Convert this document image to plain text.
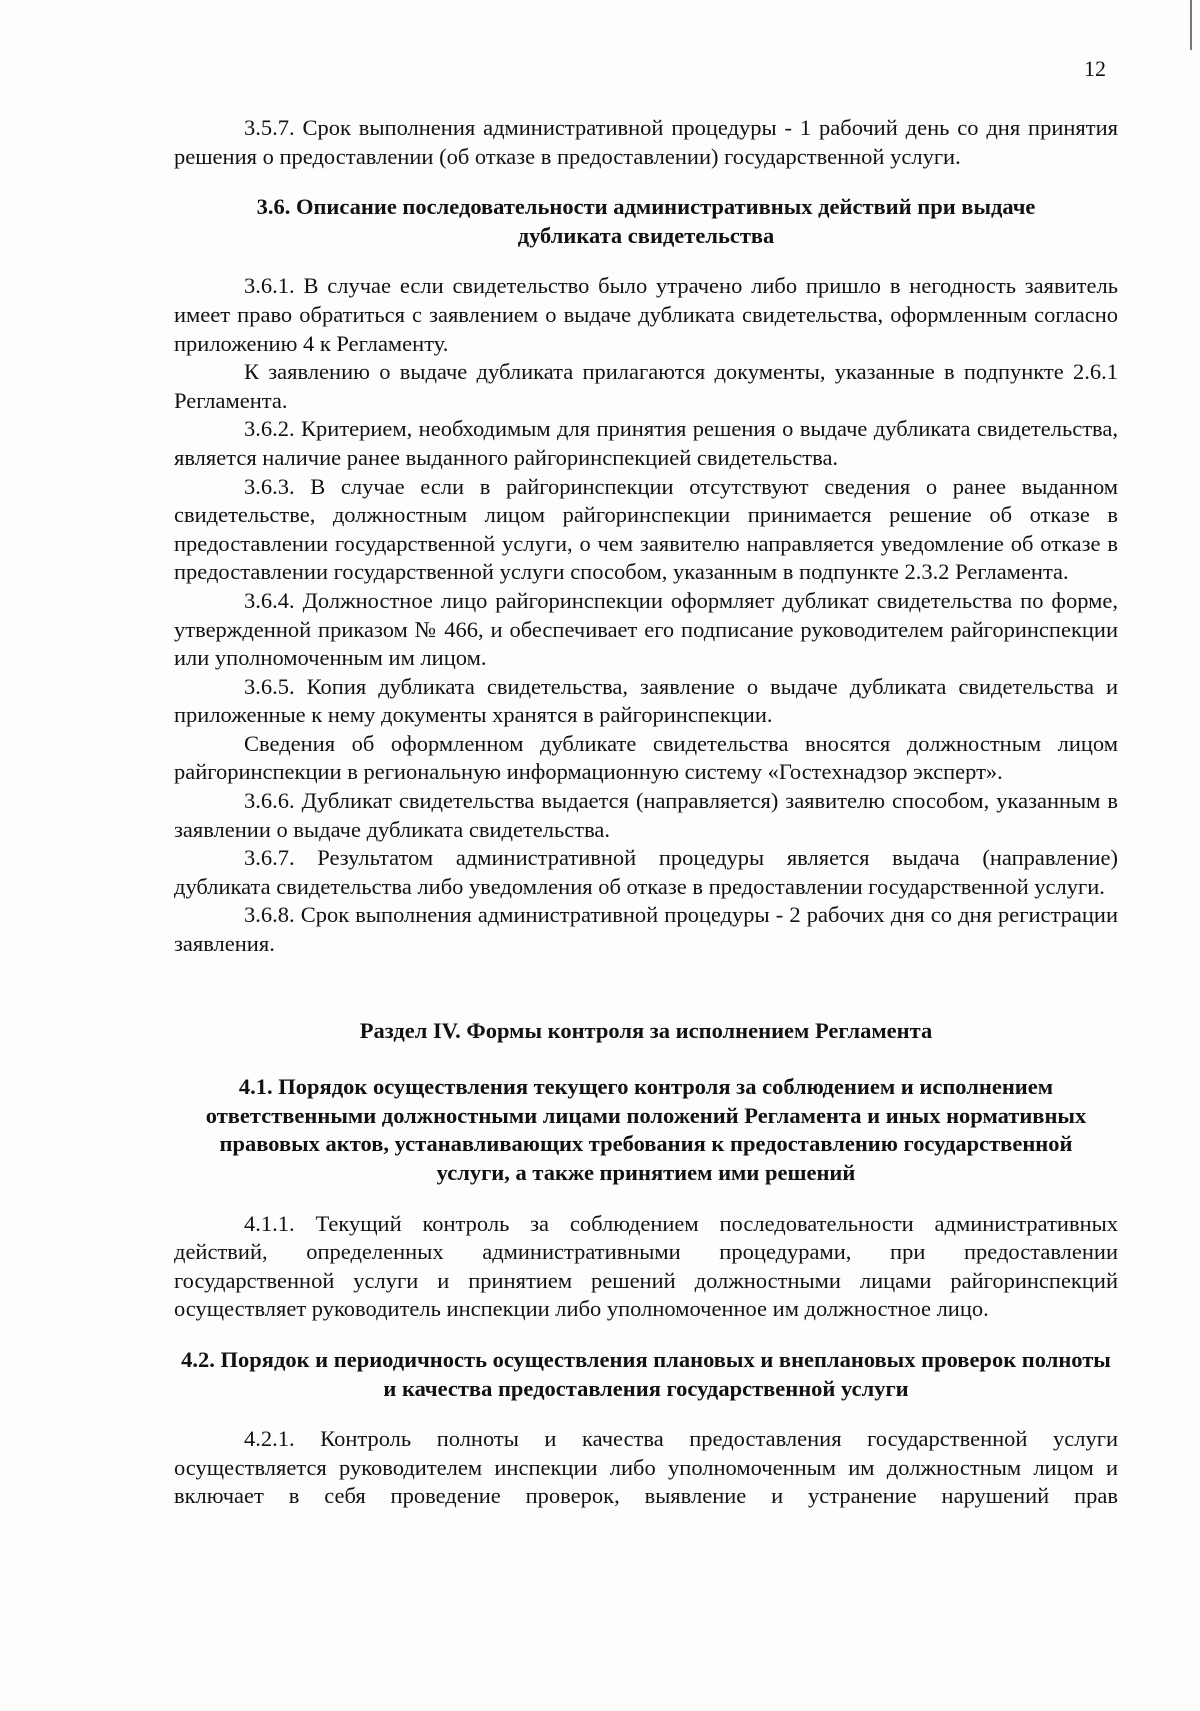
12

3.5.7. Срок выполнения административной процедуры - 1 рабочий день со дня принятия решения о предоставлении (об отказе в предоставлении) государственной услуги.

3.6. Описание последовательности административных действий при выдаче дубликата свидетельства

3.6.1. В случае если свидетельство было утрачено либо пришло в негодность заявитель имеет право обратиться с заявлением о выдаче дубликата свидетельства, оформленным согласно приложению 4 к Регламенту.

К заявлению о выдаче дубликата прилагаются документы, указанные в подпункте 2.6.1 Регламента.

3.6.2. Критерием, необходимым для принятия решения о выдаче дубликата свидетельства, является наличие ранее выданного райгоринспекцией свидетельства.

3.6.3. В случае если в райгоринспекции отсутствуют сведения о ранее выданном свидетельстве, должностным лицом райгоринспекции принимается решение об отказе в предоставлении государственной услуги, о чем заявителю направляется уведомление об отказе в предоставлении государственной услуги способом, указанным в подпункте 2.3.2 Регламента.

3.6.4. Должностное лицо райгоринспекции оформляет дубликат свидетельства по форме, утвержденной приказом № 466, и обеспечивает его подписание руководителем райгоринспекции или уполномоченным им лицом.

3.6.5. Копия дубликата свидетельства, заявление о выдаче дубликата свидетельства и приложенные к нему документы хранятся в райгоринспекции.

Сведения об оформленном дубликате свидетельства вносятся должностным лицом райгоринспекции в региональную информационную систему «Гостехнадзор эксперт».

3.6.6. Дубликат свидетельства выдается (направляется) заявителю способом, указанным в заявлении о выдаче дубликата свидетельства.

3.6.7. Результатом административной процедуры является выдача (направление) дубликата свидетельства либо уведомления об отказе в предоставлении государственной услуги.

3.6.8. Срок выполнения административной процедуры - 2 рабочих дня со дня регистрации заявления.

Раздел IV. Формы контроля за исполнением Регламента
4.1. Порядок осуществления текущего контроля за соблюдением и исполнением ответственными должностными лицами положений Регламента и иных нормативных правовых актов, устанавливающих требования к предоставлению государственной услуги, а также принятием ими решений

4.1.1. Текущий контроль за соблюдением последовательности административных действий, определенных административными процедурами, при предоставлении государственной услуги и принятием решений должностными лицами райгоринспекций осуществляет руководитель инспекции либо уполномоченное им должностное лицо.

4.2. Порядок и периодичность осуществления плановых и внеплановых проверок полноты и качества предоставления государственной услуги

4.2.1. Контроль полноты и качества предоставления государственной услуги осуществляется руководителем инспекции либо уполномоченным им должностным лицом и включает в себя проведение проверок, выявление и устранение нарушений прав
